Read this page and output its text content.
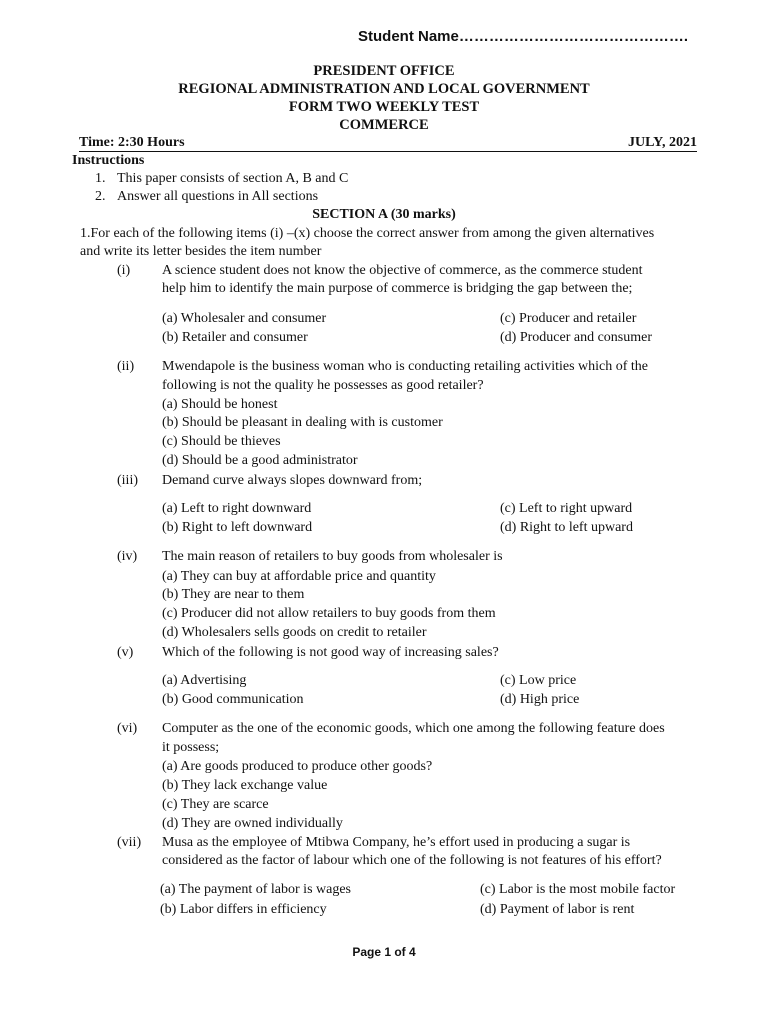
Student Name……………………………………….
PRESIDENT OFFICE
REGIONAL ADMINISTRATION AND LOCAL GOVERNMENT
FORM TWO WEEKLY TEST
COMMERCE
Time: 2:30 Hours	JULY, 2021
Instructions
1. This paper consists of section A, B and C
2. Answer all questions in All sections
SECTION A (30 marks)
1.For each of the following items (i) –(x) choose the correct answer from among the given alternatives
and write its letter besides the item number
(i) A science student does not know the objective of commerce, as the commerce student
help him to identify the main purpose of commerce is bridging the gap between the;
(a) Wholesaler and consumer
(b) Retailer and consumer
(c) Producer and retailer
(d) Producer and consumer
(ii) Mwendapole is the business woman who is conducting retailing activities which of the
following is not the quality he possesses as good retailer?
(a) Should be honest
(b) Should be pleasant in dealing with is customer
(c) Should be thieves
(d) Should be a good administrator
(iii) Demand curve always slopes downward from;
(a) Left to right downward
(b) Right to left downward
(c) Left to right upward
(d) Right to left upward
(iv) The main reason of retailers to buy goods from wholesaler is
(a) They can buy at affordable price and quantity
(b) They are near to them
(c) Producer did not allow retailers to buy goods from them
(d) Wholesalers sells goods on credit to retailer
(v) Which of the following is not good way of increasing sales?
(a) Advertising
(b) Good communication
(c) Low price
(d) High price
(vi) Computer as the one of the economic goods, which one among the following feature does
it possess;
(a) Are goods produced to produce other goods?
(b) They lack exchange value
(c) They are scarce
(d) They are owned individually
(vii) Musa as the employee of Mtibwa Company, he’s effort used in producing a sugar is
considered as the factor of labour which one of the following is not features of his effort?
(a) The payment of labor is wages
(b) Labor differs in efficiency
(c) Labor is the most mobile factor
(d) Payment of labor is rent
Page 1 of 4
